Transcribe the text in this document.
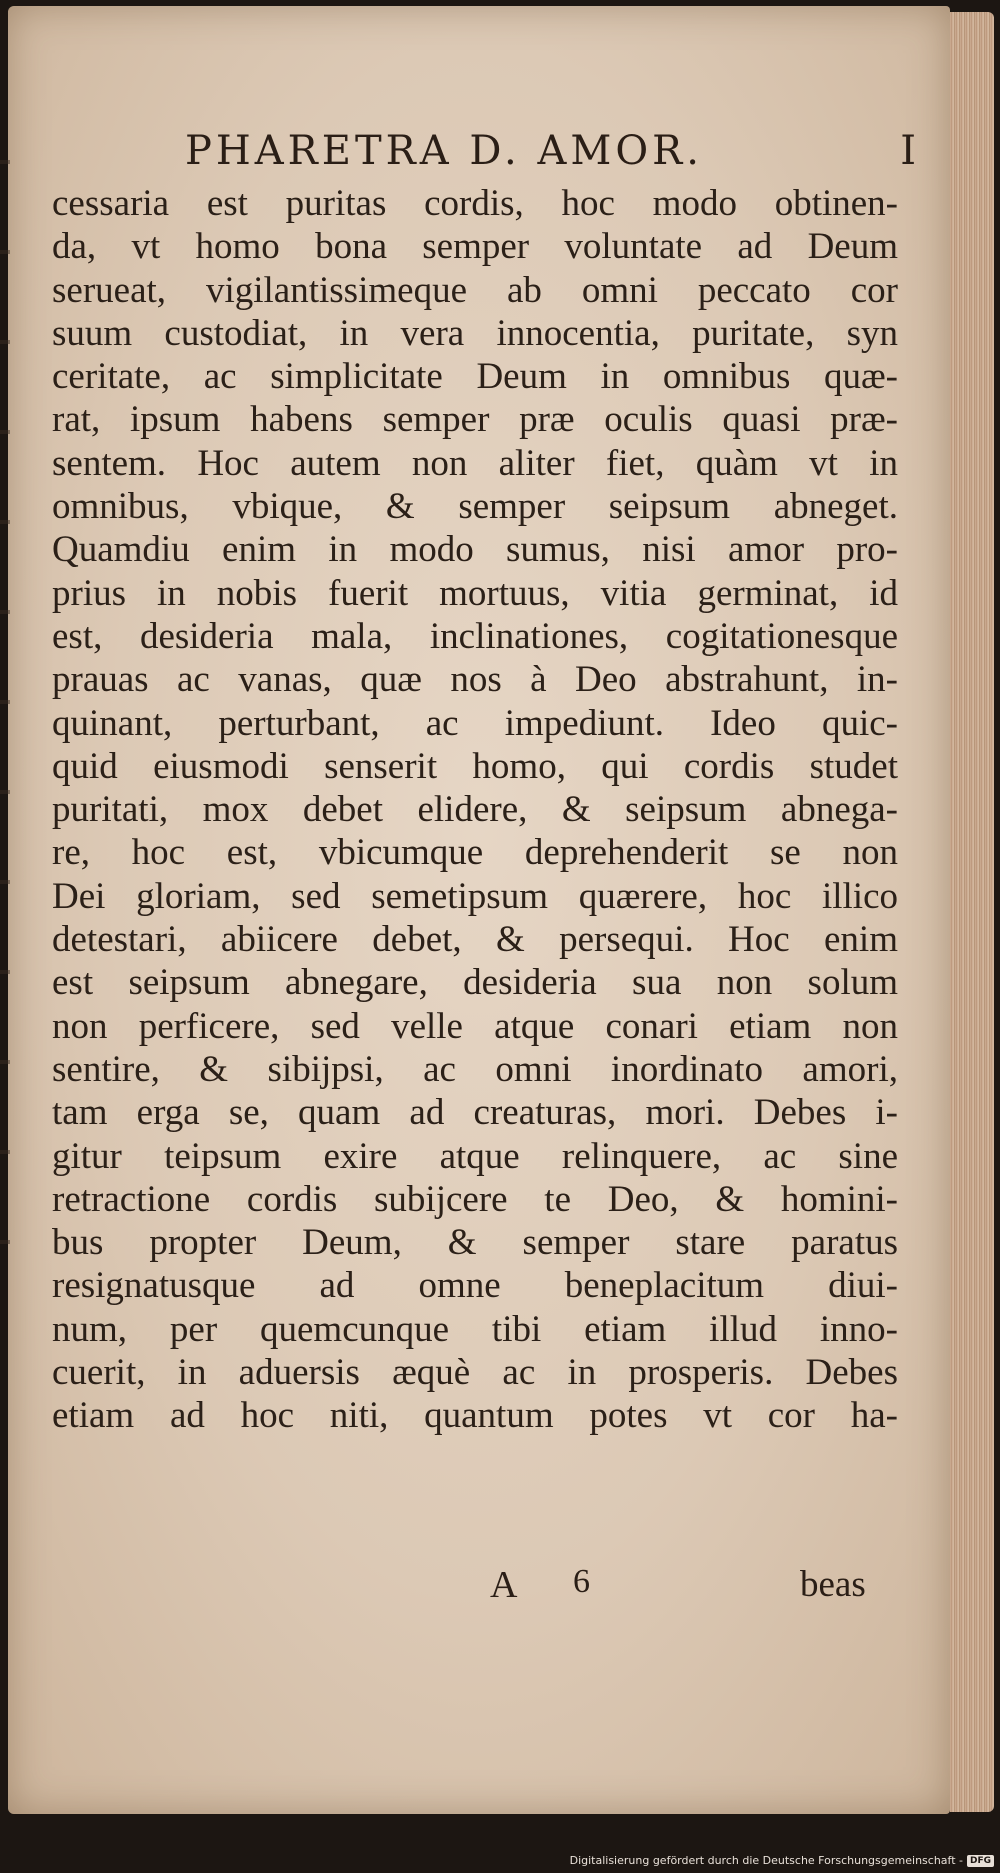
PHARETRA D. AMOR.	I
cessaria est puritas cordis, hoc modo obtinen-
da, vt homo bona semper voluntate ad Deum
serueat, vigilantissimeque ab omni peccato cor
suum custodiat, in vera innocentia, puritate, syn
ceritate, ac simplicitate Deum in omnibus quæ-
rat, ipsum habens semper præ oculis quasi præ-
sentem. Hoc autem non aliter fiet, quàm vt in
omnibus, vbique, & semper seipsum abneget.
Quamdiu enim in modo sumus, nisi amor pro-
prius in nobis fuerit mortuus, vitia germinat, id
est, desideria mala, inclinationes, cogitationesque
prauas ac vanas, quæ nos à Deo abstrahunt, in-
quinant, perturbant, ac impediunt. Ideo quic-
quid eiusmodi senserit homo, qui cordis studet
puritati, mox debet elidere, & seipsum abnega-
re, hoc est, vbicumque deprehenderit se non
Dei gloriam, sed semetipsum quærere, hoc illico
detestari, abiicere debet, & persequi. Hoc enim
est seipsum abnegare, desideria sua non solum
non perficere, sed velle atque conari etiam non
sentire, & sibijpsi, ac omni inordinato amori,
tam erga se, quam ad creaturas, mori. Debes i-
gitur teipsum exire atque relinquere, ac sine
retractione cordis subijcere te Deo, & homini-
bus propter Deum, & semper stare paratus
resignatusque ad omne beneplacitum diui-
num, per quemcunque tibi etiam illud inno-
cuerit, in aduersis æquè ac in prosperis. Debes
etiam ad hoc niti, quantum potes vt cor ha-
A 6	beas
Digitalisierung gefördert durch die Deutsche Forschungsgemeinschaft - DFG
